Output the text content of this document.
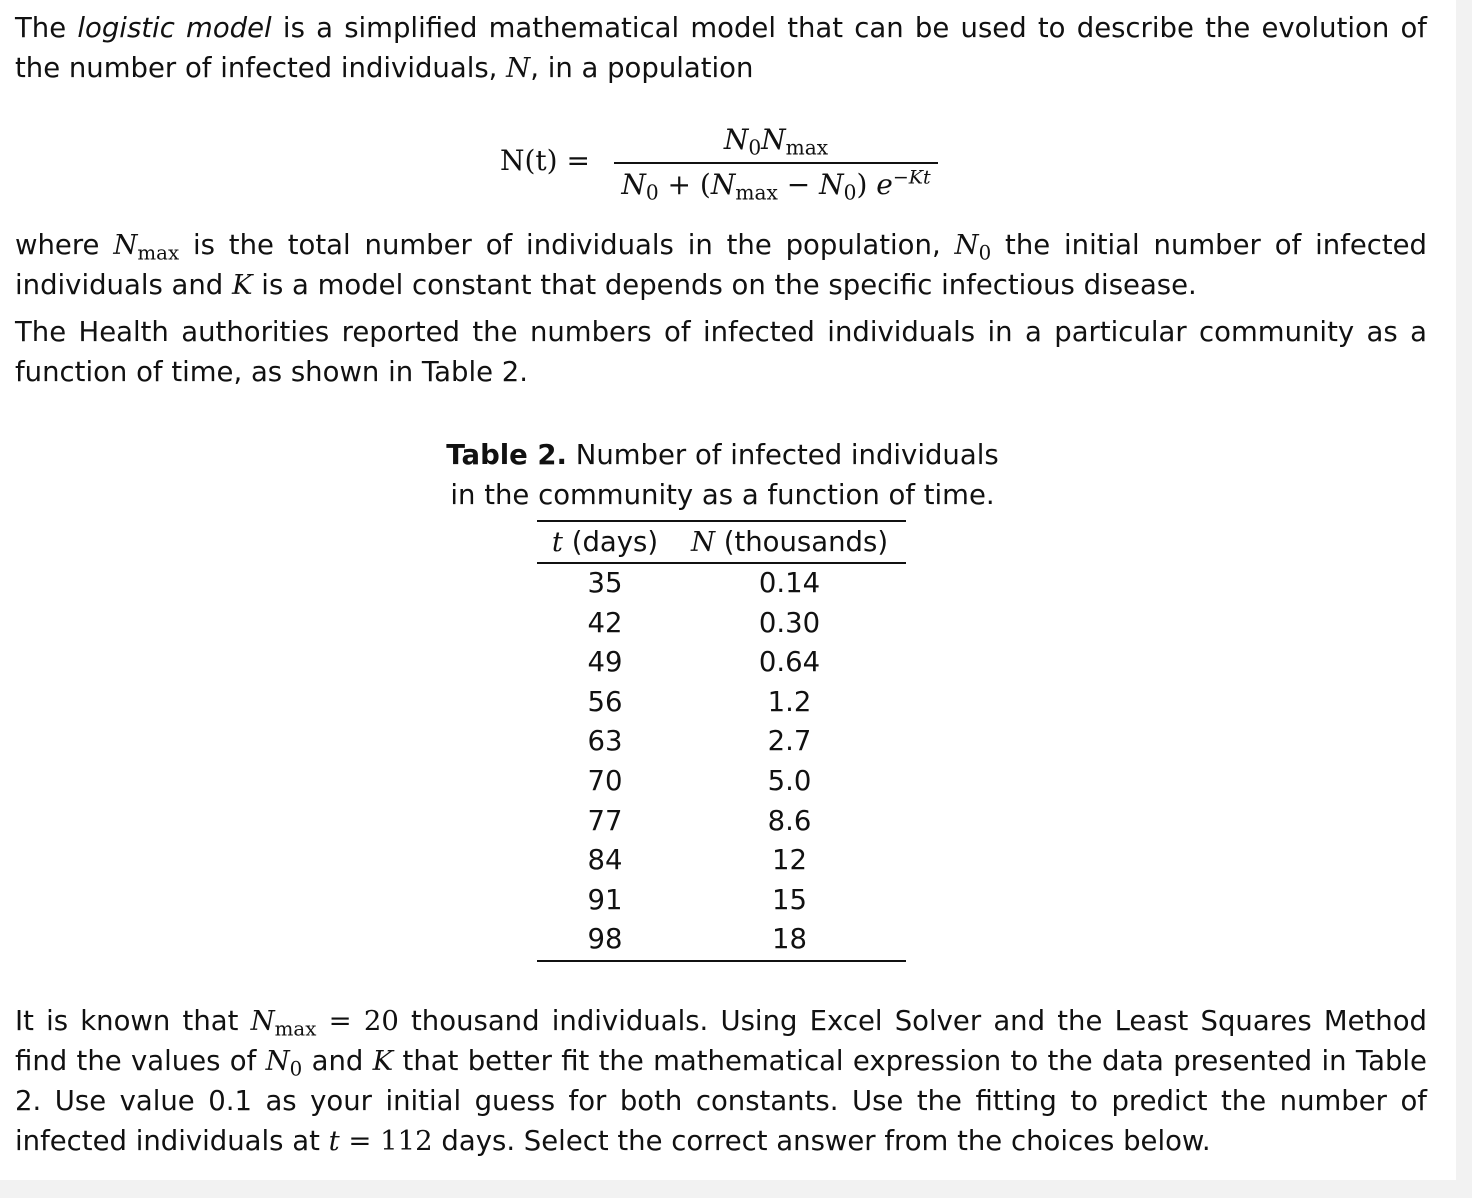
The logistic model is a simplified mathematical model that can be used to describe the evolution of the number of infected individuals, N, in a population

N(t) =
$N_0N_{max}$
$N_0 + (N_{max} - N_0)$ $e^{-Kt}$

where $N_{max}$ is the total number of individuals in the population, $N_0$ the initial number of infected individuals and K is a model constant that depends on the specific infectious disease.

The Health authorities reported the numbers of infected individuals in a particular community as a function of time, as shown in Table 2.

Table 2. Number of infected individuals in the community as a function of time.
t (days)	N (thousands)
35	0.14
42	0.30
49	0.64
56	1.2
63	2.7
70	5.0
77	8.6
84	12
91	15
98	18

It is known that $N_{max} = 20$ thousand individuals. Using Excel Solver and the Least Squares Method find the values of $N_0$ and K that better fit the mathematical expression to the data presented in Table 2. Use value 0.1 as your initial guess for both constants. Use the fitting to predict the number of infected individuals at t = 112 days. Select the correct answer from the choices below.
